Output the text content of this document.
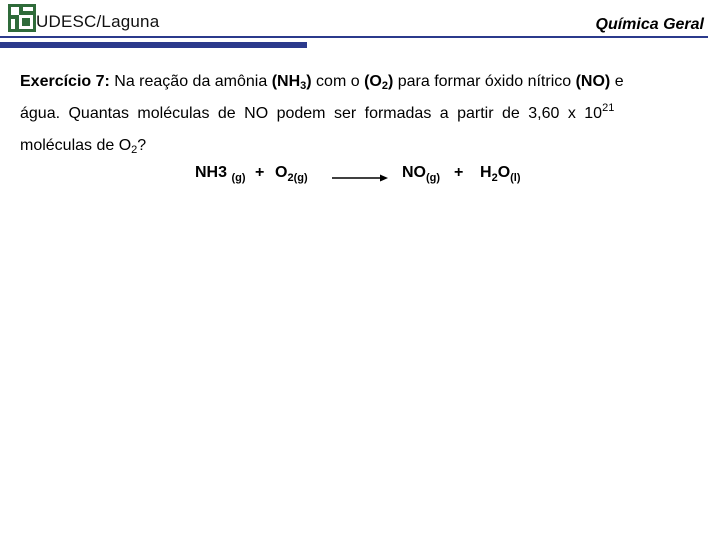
UDESC/Laguna	Química Geral
Exercício 7: Na reação da amônia $(NH_3)$ com o $(O_2)$ para formar óxido nítrico (NO) e
água. Quantas moléculas de NO podem ser formadas a partir de 3,60 x $10^{21}$
moléculas de $O_2$?
NH3 $_{(g)} + O_{2(g)} \to NO_{(g)} + H_2O_{(l)}$
